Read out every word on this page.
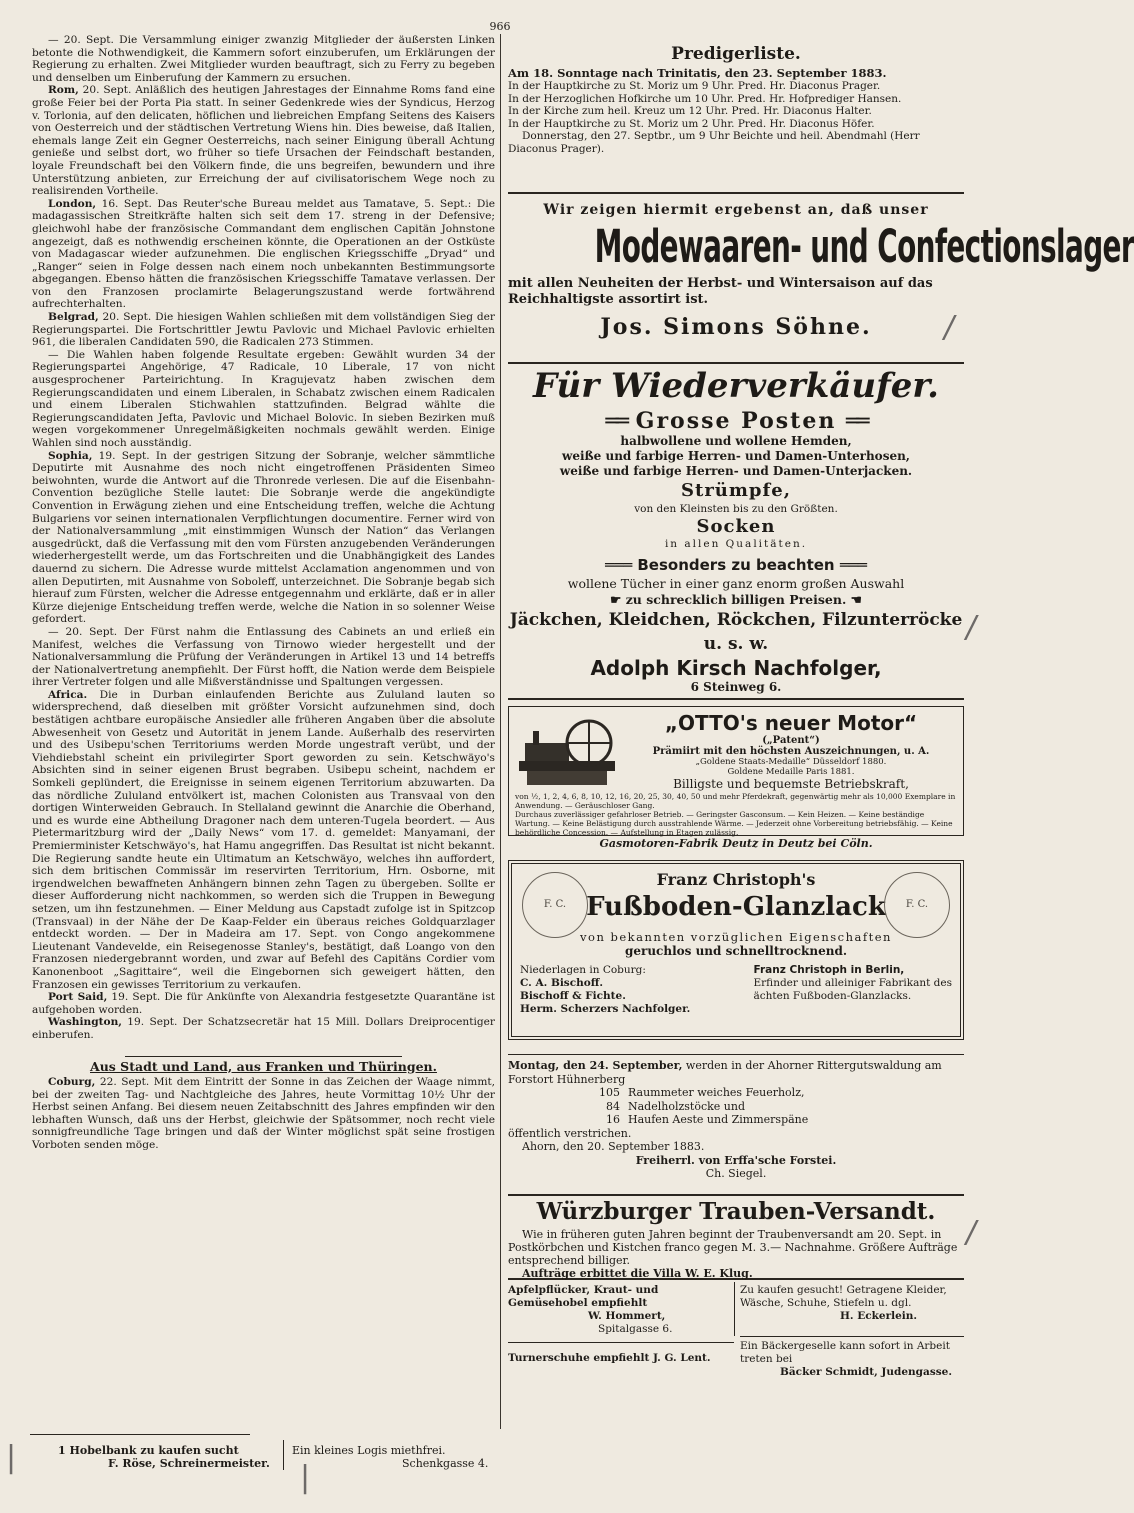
966

— 20. Sept. Die Versammlung einiger zwanzig Mitglieder der äußersten Linken betonte die Nothwendigkeit, die Kammern sofort einzuberufen, um Erklärungen der Regierung zu erhalten. Zwei Mitglieder wurden beauftragt, sich zu Ferry zu begeben und denselben um Einberufung der Kammern zu ersuchen.

Rom, 20. Sept. Anläßlich des heutigen Jahrestages der Einnahme Roms fand eine große Feier bei der Porta Pia statt. In seiner Gedenkrede wies der Syndicus, Herzog v. Torlonia, auf den delicaten, höflichen und liebreichen Empfang Seitens des Kaisers von Oesterreich und der städtischen Vertretung Wiens hin. Dies beweise, daß Italien, ehemals lange Zeit ein Gegner Oesterreichs, nach seiner Einigung überall Achtung genieße und selbst dort, wo früher so tiefe Ursachen der Feindschaft bestanden, loyale Freundschaft bei den Völkern finde, die uns begreifen, bewundern und ihre Unterstützung anbieten, zur Erreichung der auf civilisatorischem Wege noch zu realisirenden Vortheile.

London, 16. Sept. Das Reuter'sche Bureau meldet aus Tamatave, 5. Sept.: Die madagassischen Streitkräfte halten sich seit dem 17. streng in der Defensive; gleichwohl habe der französische Commandant dem englischen Capitän Johnstone angezeigt, daß es nothwendig erscheinen könnte, die Operationen an der Ostküste von Madagascar wieder aufzunehmen. Die englischen Kriegsschiffe „Dryad“ und „Ranger“ seien in Folge dessen nach einem noch unbekannten Bestimmungsorte abgegangen. Ebenso hätten die französischen Kriegsschiffe Tamatave verlassen. Der von den Franzosen proclamirte Belagerungszustand werde fortwährend aufrechterhalten.

Belgrad, 20. Sept. Die hiesigen Wahlen schließen mit dem vollständigen Sieg der Regierungspartei. Die Fortschrittler Jewtu Pavlovic und Michael Pavlovic erhielten 961, die liberalen Candidaten 590, die Radicalen 273 Stimmen.

— Die Wahlen haben folgende Resultate ergeben: Gewählt wurden 34 der Regierungspartei Angehörige, 47 Radicale, 10 Liberale, 17 von nicht ausgesprochener Parteirichtung. In Kragujevatz haben zwischen dem Regierungscandidaten und einem Liberalen, in Schabatz zwischen einem Radicalen und einem Liberalen Stichwahlen stattzufinden. Belgrad wählte die Regierungscandidaten Jefta, Pavlovic und Michael Bolovic. In sieben Bezirken muß wegen vorgekommener Unregelmäßigkeiten nochmals gewählt werden. Einige Wahlen sind noch ausständig.

Sophia, 19. Sept. In der gestrigen Sitzung der Sobranje, welcher sämmtliche Deputirte mit Ausnahme des noch nicht eingetroffenen Präsidenten Simeo beiwohnten, wurde die Antwort auf die Thronrede verlesen. Die auf die Eisenbahn-Convention bezügliche Stelle lautet: Die Sobranje werde die angekündigte Convention in Erwägung ziehen und eine Entscheidung treffen, welche die Achtung Bulgariens vor seinen internationalen Verpflichtungen documentire. Ferner wird von der Nationalversammlung „mit einstimmigen Wunsch der Nation“ das Verlangen ausgedrückt, daß die Verfassung mit den vom Fürsten anzugebenden Veränderungen wiederhergestellt werde, um das Fortschreiten und die Unabhängigkeit des Landes dauernd zu sichern. Die Adresse wurde mittelst Acclamation angenommen und von allen Deputirten, mit Ausnahme von Soboleff, unterzeichnet. Die Sobranje begab sich hierauf zum Fürsten, welcher die Adresse entgegennahm und erklärte, daß er in aller Kürze diejenige Entscheidung treffen werde, welche die Nation in so solenner Weise gefordert.

— 20. Sept. Der Fürst nahm die Entlassung des Cabinets an und erließ ein Manifest, welches die Verfassung von Tirnowo wieder hergestellt und der Nationalversammlung die Prüfung der Veränderungen in Artikel 13 und 14 betreffs der Nationalvertretung anempfiehlt. Der Fürst hofft, die Nation werde dem Beispiele ihrer Vertreter folgen und alle Mißverständnisse und Spaltungen vergessen.

Africa. Die in Durban einlaufenden Berichte aus Zululand lauten so widersprechend, daß dieselben mit größter Vorsicht aufzunehmen sind, doch bestätigen achtbare europäische Ansiedler alle früheren Angaben über die absolute Abwesenheit von Gesetz und Autorität in jenem Lande. Außerhalb des reservirten und des Usibepu'schen Territoriums werden Morde ungestraft verübt, und der Viehdiebstahl scheint ein privilegirter Sport geworden zu sein. Ketschwäyo's Absichten sind in seiner eigenen Brust begraben. Usibepu scheint, nachdem er Somkeli geplündert, die Ereignisse in seinem eigenen Territorium abzuwarten. Da das nördliche Zululand entvölkert ist, machen Colonisten aus Transvaal von den dortigen Winterweiden Gebrauch. In Stellaland gewinnt die Anarchie die Oberhand, und es wurde eine Abtheilung Dragoner nach dem unteren-Tugela beordert. — Aus Pietermaritzburg wird der „Daily News“ vom 17. d. gemeldet: Manyamani, der Premierminister Ketschwäyo's, hat Hamu angegriffen. Das Resultat ist nicht bekannt. Die Regierung sandte heute ein Ultimatum an Ketschwäyo, welches ihn auffordert, sich dem britischen Commissär im reservirten Territorium, Hrn. Osborne, mit irgendwelchen bewaffneten Anhängern binnen zehn Tagen zu übergeben. Sollte er dieser Aufforderung nicht nachkommen, so werden sich die Truppen in Bewegung setzen, um ihn festzunehmen. — Einer Meldung aus Capstadt zufolge ist in Spitzcop (Transvaal) in der Nähe der De Kaap-Felder ein überaus reiches Goldquarzlager entdeckt worden. — Der in Madeira am 17. Sept. von Congo angekommene Lieutenant Vandevelde, ein Reisegenosse Stanley's, bestätigt, daß Loango von den Franzosen niedergebrannt worden, und zwar auf Befehl des Capitäns Cordier vom Kanonenboot „Sagittaire“, weil die Eingebornen sich geweigert hätten, den Franzosen ein gewisses Territorium zu verkaufen.

Port Said, 19. Sept. Die für Ankünfte von Alexandria festgesetzte Quarantäne ist aufgehoben worden.

Washington, 19. Sept. Der Schatzsecretär hat 15 Mill. Dollars Dreiprocentiger einberufen.

Aus Stadt und Land, aus Franken und Thüringen.

Coburg, 22. Sept. Mit dem Eintritt der Sonne in das Zeichen der Waage nimmt, bei der zweiten Tag- und Nachtgleiche des Jahres, heute Vormittag 10½ Uhr der Herbst seinen Anfang. Bei diesem neuen Zeitabschnitt des Jahres empfinden wir den lebhaften Wunsch, daß uns der Herbst, gleichwie der Spätsommer, noch recht viele sonnigfreundliche Tage bringen und daß der Winter möglichst spät seine frostigen Vorboten senden möge.

1 Hobelbank zu kaufen sucht
F. Röse, Schreinermeister.
Ein kleines Logis miethfrei.
Schenkgasse 4.
Predigerliste.
Am 18. Sonntage nach Trinitatis, den 23. September 1883.
In der Hauptkirche zu St. Moriz um 9 Uhr. Pred. Hr. Diaconus Prager.
In der Herzoglichen Hofkirche um 10 Uhr. Pred. Hr. Hofprediger Hansen.
In der Kirche zum heil. Kreuz um 12 Uhr. Pred. Hr. Diaconus Halter.
In der Hauptkirche zu St. Moriz um 2 Uhr. Pred. Hr. Diaconus Höfer.
Donnerstag, den 27. Septbr., um 9 Uhr Beichte und heil. Abendmahl (Herr Diaconus Prager).
Wir zeigen hiermit ergebenst an, daß unser
Modewaaren- und Confectionslager
mit allen Neuheiten der Herbst- und Wintersaison auf das Reichhaltigste assortirt ist.
Jos. Simons Söhne.
Für Wiederverkäufer.
══ Grosse Posten ══
halbwollene und wollene Hemden,
weiße und farbige Herren- und Damen-Unterhosen,
weiße und farbige Herren- und Damen-Unterjacken.
Strümpfe,
von den Kleinsten bis zu den Größten.
Socken
in allen Qualitäten.
═══ Besonders zu beachten ═══
wollene Tücher in einer ganz enorm großen Auswahl
☛ zu schrecklich billigen Preisen. ☚
Jäckchen, Kleidchen, Röckchen, Filzunterröcke u. s. w.
Adolph Kirsch Nachfolger,
6 Steinweg 6.
„OTTO's neuer Motor“
(„Patent“)
Prämiirt mit den höchsten Auszeichnungen, u. A.
„Goldene Staats-Medaille“ Düsseldorf 1880.
Goldene Medaille Paris 1881.
Billigste und bequemste Betriebskraft,
von ½, 1, 2, 4, 6, 8, 10, 12, 16, 20, 25, 30, 40, 50 und mehr Pferdekraft, gegenwärtig mehr als 10,000 Exemplare in Anwendung. — Geräuschloser Gang.
Durchaus zuverlässiger gefahrloser Betrieb. — Geringster Gasconsum. — Kein Heizen. — Keine beständige Wartung. — Keine Belästigung durch ausstrahlende Wärme. — Jederzeit ohne Vorbereitung betriebsfähig. — Keine behördliche Concession. — Aufstellung in Etagen zulässig.
Gasmotoren-Fabrik Deutz in Deutz bei Cöln.
F. C.	F. C.
Franz Christoph's
Fußboden-Glanzlack
von bekannten vorzüglichen Eigenschaften
geruchlos und schnelltrocknend.
Niederlagen in Coburg:
C. A. Bischoff.
Bischoff & Fichte.
Herm. Scherzers Nachfolger.
Franz Christoph in Berlin,
Erfinder und alleiniger Fabrikant des
ächten Fußboden-Glanzlacks.
Montag, den 24. September, werden in der Ahorner Rittergutswaldung am Forstort Hühnerberg
105 Raummeter weiches Feuerholz,
84 Nadelholzstöcke und
16 Haufen Aeste und Zimmerspäne
öffentlich verstrichen.
Ahorn, den 20. September 1883.
Freiherrl. von Erffa'sche Forstei.
Ch. Siegel.
Würzburger Trauben-Versandt.
Wie in früheren guten Jahren beginnt der Traubenversandt am 20. Sept. in Postkörbchen und Kistchen franco gegen M. 3.— Nachnahme. Größere Aufträge entsprechend billiger.
Aufträge erbittet die Villa W. E. Klug.
Apfelpflücker, Kraut- und Gemüsehobel empfiehlt
W. Hommert,
Spitalgasse 6.
Zu kaufen gesucht! Getragene Kleider, Wäsche, Schuhe, Stiefeln u. dgl.
H. Eckerlein.
Ein Bäckergeselle kann sofort in Arbeit treten bei
Bäcker Schmidt, Judengasse.
Turnerschuhe empfiehlt J. G. Lent.
/
/
/
|
|
